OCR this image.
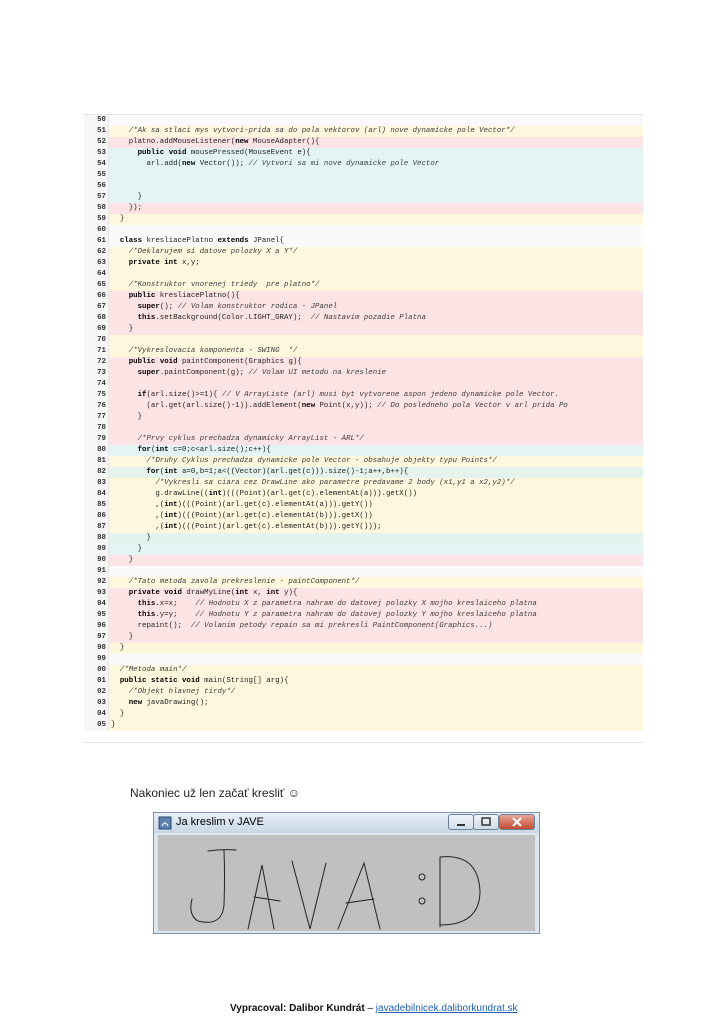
50
51	/*Ak sa stlaci mys vytvori-prida sa do pola vektorov (arl) nove dynamicke pole Vector*/
52 platno.addMouseListener(new MouseAdapter(){
53	public void mousePressed(MouseEvent e){
54 arl.add(new Vector()); // Vytvori sa mi nove dynamicke pole Vector
55
56
57 }
58 });
59 }
60
61	class kresliacePlatno extends JPanel{
62	/*Deklarujem si datove polozky X a Y*/
63	private int x,y;
64
65	/*Konstruktor vnorenej triedy  pre platno*/
66	public kresliacePlatno(){
67	super(); // Volam konstruktor rodica - JPanel
68	this.setBackground(Color.LIGHT_GRAY);  // Nastavim pozadie Platna
69 }
70
71	/*Vykreslovacia komponenta - SWING  */
72	public void paintComponent(Graphics g){
73	super.paintComponent(g); // Volam UI metodu na kreslenie
74
75	if(arl.size()>=1){ // V ArrayListe (arl) musi byt vytvorene aspon jedeno dynamicke pole Vector.
76 (arl.get(arl.size()-1)).addElement(new Point(x,y)); // Do posledneho pola Vector v arl prida Po
77 }
78
79	/*Prvy cyklus prechadza dynamicky ArrayList - ARL*/
80	for(int c=0;c<arl.size();c++){
81	/*Druhy Cyklus prechadza dynamicke pole Vector - obsahuje objekty typu Points*/
82	for(int a=0,b=1;a<((Vector)(arl.get(c))).size()-1;a++,b++){
83	/*Vykresli sa ciara cez DrawLine ako parametre predavame 2 body (x1,y1 a x2,y2)*/
84 g.drawLine((int)(((Point)(arl.get(c).elementAt(a))).getX())
85 ,(int)(((Point)(arl.get(c).elementAt(a))).getY())
86 ,(int)(((Point)(arl.get(c).elementAt(b))).getX())
87 ,(int)(((Point)(arl.get(c).elementAt(b))).getY()));
88 }
89 }
90 }
91
92	/*Tato metoda zavola prekreslenie - paintComponent*/
93	private void drawMyLine(int x, int y){
94	this.x=x;    // Hodnotu X z parametra nahram do datovej polozky X mojho kreslaiceho platna
95	this.y=y;    // Hodnotu Y z parametra nahram do datovej polozky Y mojho kreslaiceho platna
96 repaint();  // Volanim petody repain sa mi prekresli PaintComponent(Graphics...)
97 }
98 }
99
00	/*Metoda main*/
01	public static void main(String[] arg){
02	/*Objekt hlavnej tirdy*/
03	new javaDrawing();
04 }
05 }
Nakoniec už len začať kresliť ☺
Ja kreslim v JAVE
Vypracoval: Dalibor Kundrát – javadebilnicek.daliborkundrat.sk
